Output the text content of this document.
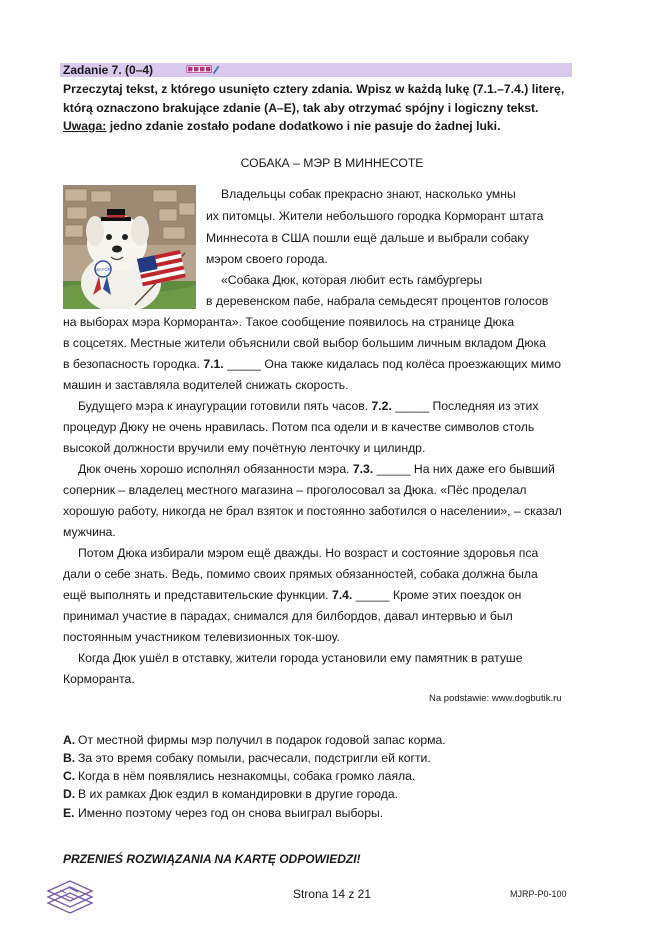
Zadanie 7. (0–4)

Przeczytaj tekst, z którego usunięto cztery zdania. Wpisz w każdą lukę (7.1.–7.4.) literę,

którą oznaczono brakujące zdanie (A–E), tak aby otrzymać spójny i logiczny tekst.

Uwaga: jedno zdanie zostało podane dodatkowo i nie pasuje do żadnej luki.

СОБАКА – МЭР В МИННЕСОТЕ
MAYOR
Владельцы собак прекрасно знают, насколько умны
их питомцы. Жители небольшого городка Кормoрант штата
Миннесота в США пошли ещё дальше и выбрали собаку
мэром своего города.
«Собака Дюк, которая любит есть гамбургеры
в деревенском пабе, набрала семьдесят процентов голосов
на выборах мэра Кормoранта». Такое сообщение появилось на странице Дюка
в соцсетях. Местные жители объяснили свой выбор большим личным вкладом Дюка
в безопасность городка. 7.1. _____ Она также кидалась под колёса проезжающих мимо
машин и заставляла водителей снижать скорость.
Будущего мэра к инаугурации готовили пять часов. 7.2. _____ Последняя из этих
процедур Дюку не очень нравилась. Потом пса одели и в качестве символов столь
высокой должности вручили ему почётную ленточку и цилиндр.
Дюк очень хорошо исполнял обязанности мэра. 7.3. _____ На них даже его бывший
соперник – владелец местного магазина – проголосовал за Дюка. «Пёс проделал
хорошую работу, никогда не брал взяток и постоянно заботился о населении», – сказал
мужчина.
Потом Дюка избирали мэром ещё дважды. Но возраст и состояние здоровья пса
дали о себе знать. Ведь, помимо своих прямых обязанностей, собака должна была
ещё выполнять и представительские функции. 7.4. _____ Кроме этих поездок он
принимал участие в парадах, снимался для билбордов, давал интервью и был
постоянным участником телевизионных ток-шоу.
Когда Дюк ушёл в отставку, жители города установили ему памятник в ратуше
Кормoранта.
Na podstawie: www.dogbutik.ru
A. От местной фирмы мэр получил в подарок годовой запас корма.
B. За это время собаку помыли, расчесали, подстригли ей когти.
C. Когда в нём появлялись незнакомцы, собака громко лаяла.
D. В их рамках Дюк ездил в командировки в другие города.
E. Именно поэтому через год он снова выиграл выборы.
PRZENIEŚ ROZWIĄZANIA NA KARTĘ ODPOWIEDZI!
Strona 14 z 21	MJRP-P0-100
